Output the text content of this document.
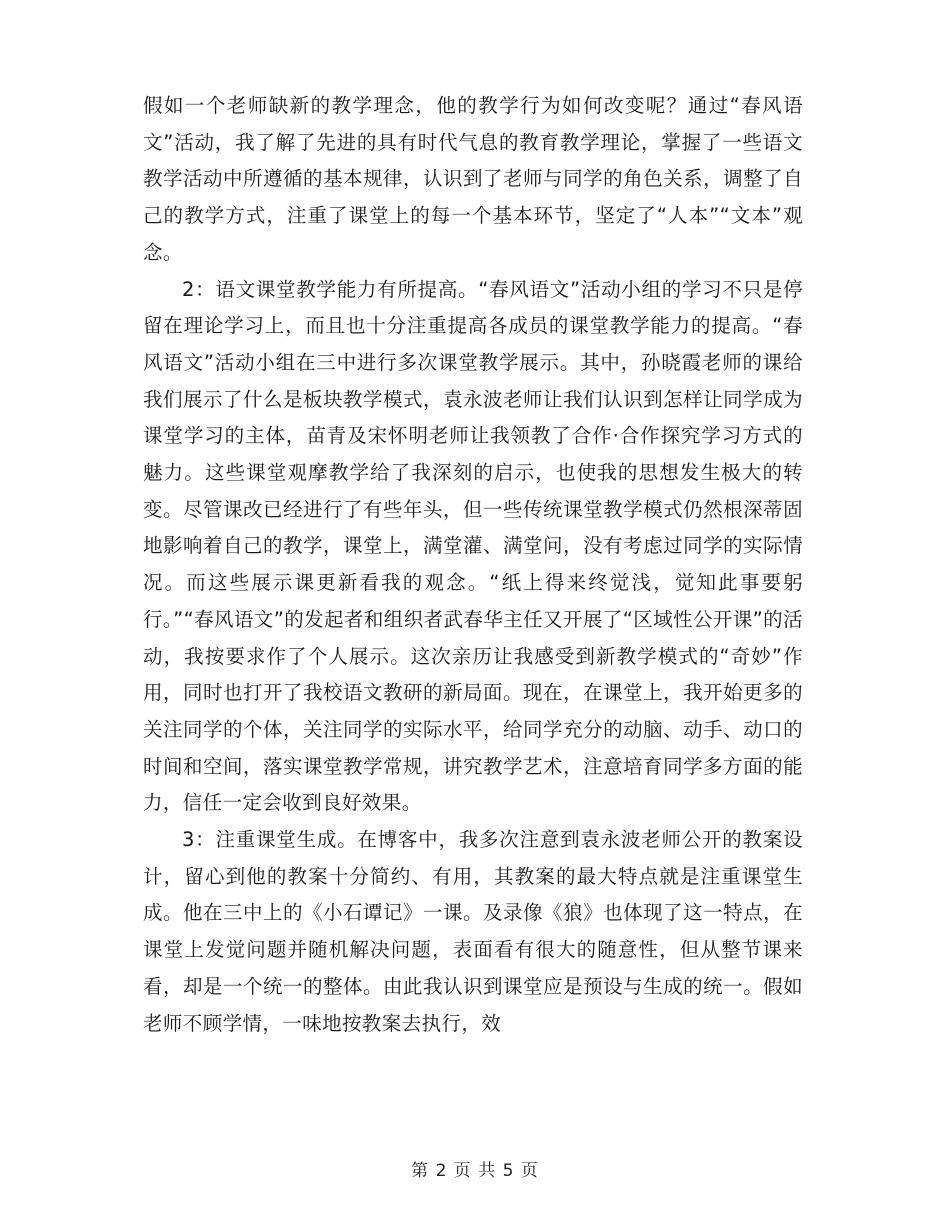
假如一个老师缺新的教学理念，他的教学行为如何改变呢？通过“春风语文”活动，我了解了先进的具有时代气息的教育教学理论，掌握了一些语文教学活动中所遵循的基本规律，认识到了老师与同学的角色关系，调整了自己的教学方式，注重了课堂上的每一个基本环节，坚定了“人本”“文本”观念。

2：语文课堂教学能力有所提高。“春风语文”活动小组的学习不只是停留在理论学习上，而且也十分注重提高各成员的课堂教学能力的提高。“春风语文”活动小组在三中进行多次课堂教学展示。其中，孙晓霞老师的课给我们展示了什么是板块教学模式，袁永波老师让我们认识到怎样让同学成为课堂学习的主体，苗青及宋怀明老师让我领教了合作·合作探究学习方式的魅力。这些课堂观摩教学给了我深刻的启示，也使我的思想发生极大的转变。尽管课改已经进行了有些年头，但一些传统课堂教学模式仍然根深蒂固地影响着自己的教学，课堂上，满堂灌、满堂问，没有考虑过同学的实际情况。而这些展示课更新看我的观念。“纸上得来终觉浅，觉知此事要躬行。”“春风语文”的发起者和组织者武春华主任又开展了“区域性公开课”的活动，我按要求作了个人展示。这次亲历让我感受到新教学模式的“奇妙”作用，同时也打开了我校语文教研的新局面。现在，在课堂上，我开始更多的关注同学的个体，关注同学的实际水平，给同学充分的动脑、动手、动口的时间和空间，落实课堂教学常规，讲究教学艺术，注意培育同学多方面的能力，信任一定会收到良好效果。

3：注重课堂生成。在博客中，我多次注意到袁永波老师公开的教案设计，留心到他的教案十分简约、有用，其教案的最大特点就是注重课堂生成。他在三中上的《小石谭记》一课。及录像《狼》也体现了这一特点，在课堂上发觉问题并随机解决问题，表面看有很大的随意性，但从整节课来看，却是一个统一的整体。由此我认识到课堂应是预设与生成的统一。假如老师不顾学情，一味地按教案去执行，效

第 2 页 共 5 页
